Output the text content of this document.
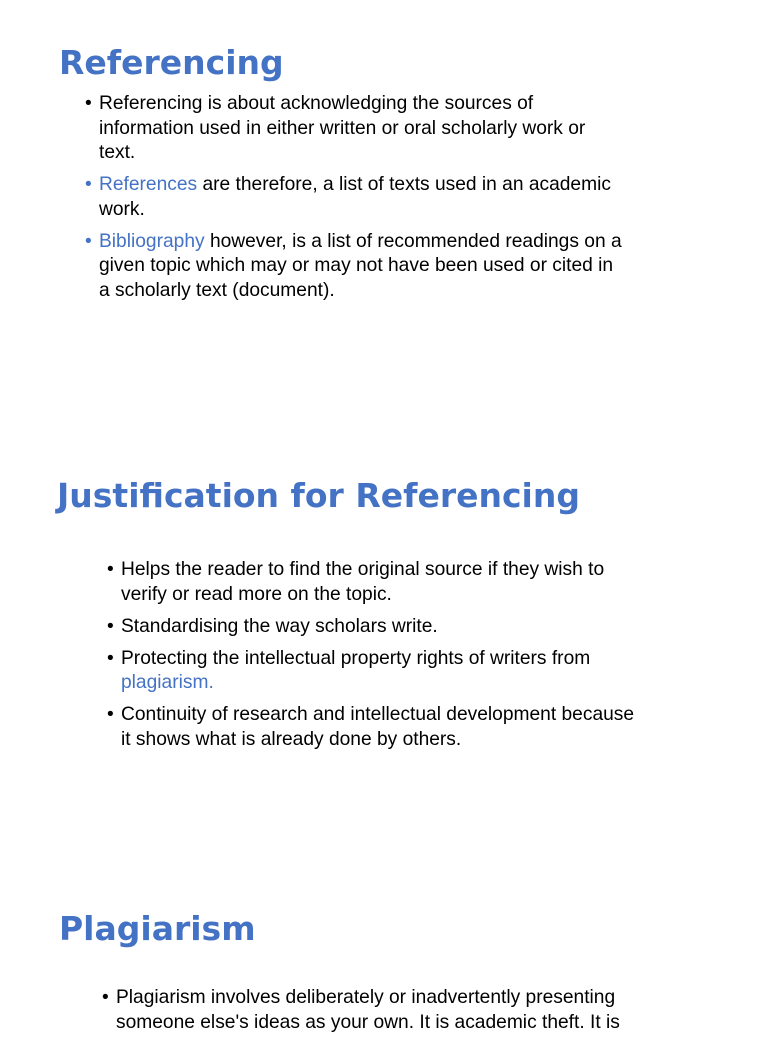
Referencing
• Referencing is about acknowledging the sources of information used in either written or oral scholarly work or text.
• References are therefore, a list of texts used in an academic work.
• Bibliography however, is a list of recommended readings on a given topic which may or may not have been used or cited in a scholarly text (document).
Justification for Referencing
• Helps the reader to find the original source if they wish to verify or read more on the topic.
• Standardising the way scholars write.
• Protecting the intellectual property rights of writers from plagiarism.
• Continuity of research and intellectual development because it shows what is already done by others.
Plagiarism
• Plagiarism involves deliberately or inadvertently presenting someone else's ideas as your own. It is academic theft. It is
